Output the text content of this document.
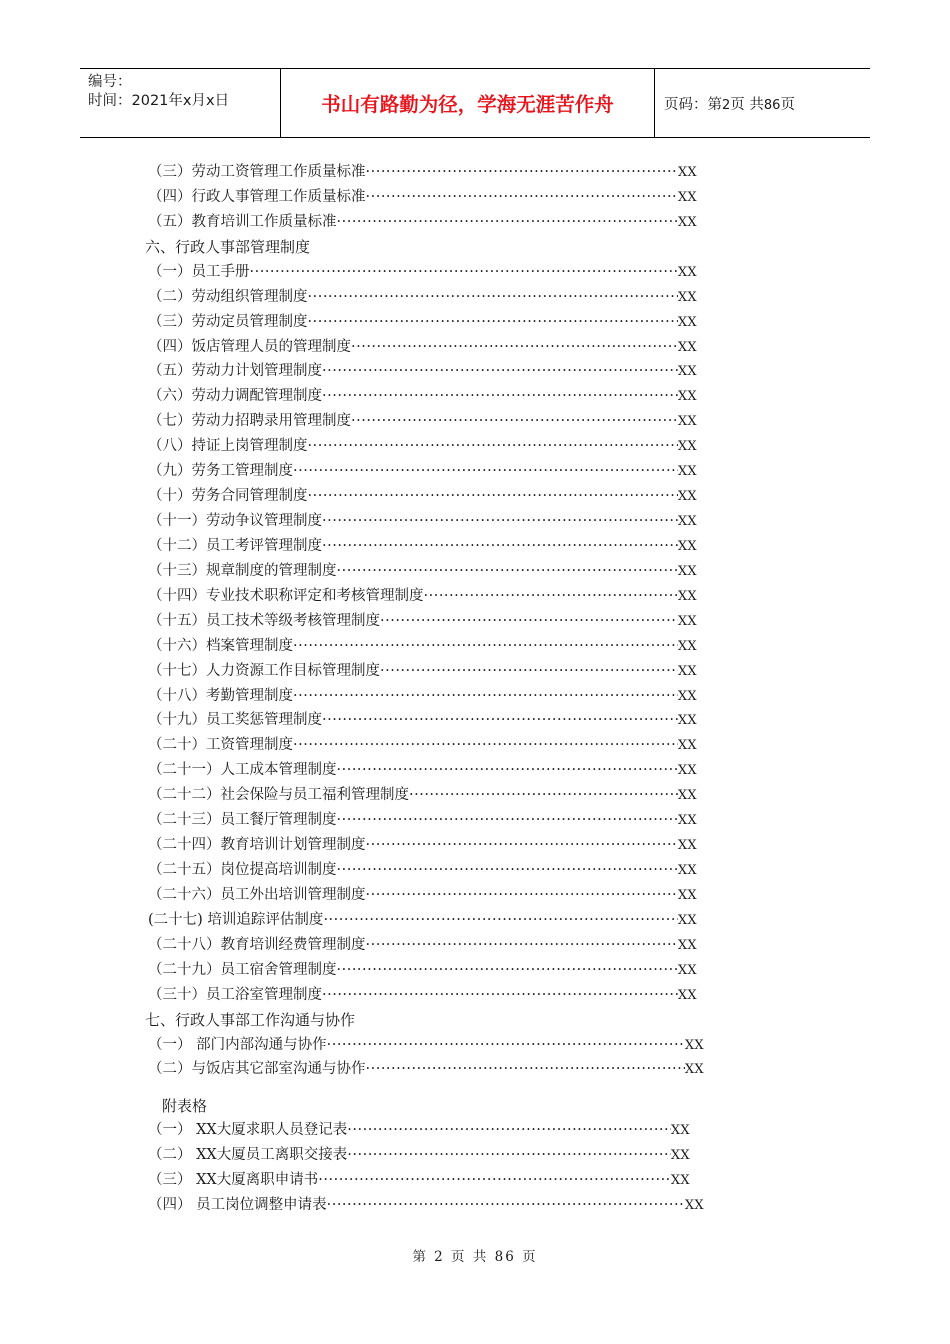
编号：
时间：2021年x月x日	书山有路勤为径，学海无涯苦作舟	页码：第2页 共86页
第 2 页 共 86 页
（三）劳动工资管理工作质量标准 ·····	XX
（四）行政人事管理工作质量标准 ·····	XX
（五）教育培训工作质量标准 ·····	XX
六、行政人事部管理制度
（一）员工手册 ·····	XX
（二）劳动组织管理制度 ·····	XX
（三）劳动定员管理制度 ·····	XX
（四）饭店管理人员的管理制度 ·····	XX
（五）劳动力计划管理制度 ·····	XX
（六）劳动力调配管理制度 ·····	XX
（七）劳动力招聘录用管理制度 ·····	XX
（八）持证上岗管理制度 ·····	XX
（九）劳务工管理制度 ·····	XX
（十）劳务合同管理制度 ·····	XX
（十一）劳动争议管理制度 ·····	XX
（十二）员工考评管理制度 ·····	XX
（十三）规章制度的管理制度 ·····	XX
（十四）专业技术职称评定和考核管理制度 ·····	XX
（十五）员工技术等级考核管理制度 ·····	XX
（十六）档案管理制度 ·····	XX
（十七）人力资源工作目标管理制度 ·····	XX
（十八）考勤管理制度 ·····	XX
（十九）员工奖惩管理制度 ·····	XX
（二十）工资管理制度 ·····	XX
（二十一）人工成本管理制度 ·····	XX
（二十二）社会保险与员工福利管理制度 ·····	XX
（二十三）员工餐厅管理制度 ·····	XX
（二十四）教育培训计划管理制度 ·····	XX
（二十五）岗位提高培训制度 ·····	XX
（二十六）员工外出培训管理制度 ·····	XX
(二十七) 培训追踪评估制度 ·····	XX
（二十八）教育培训经费管理制度 ·····	XX
（二十九）员工宿舍管理制度 ·····	XX
（三十）员工浴室管理制度 ·····	XX
七、行政人事部工作沟通与协作
（一） 部门内部沟通与协作 ·····	XX
（二）与饭店其它部室沟通与协作 ·····	XX
附表格
（一） XX大厦求职人员登记表 ·····	XX
（二） XX大厦员工离职交接表 ·····	XX
（三） XX大厦离职申请书 ·····	XX
（四） 员工岗位调整申请表 ·····	XX
